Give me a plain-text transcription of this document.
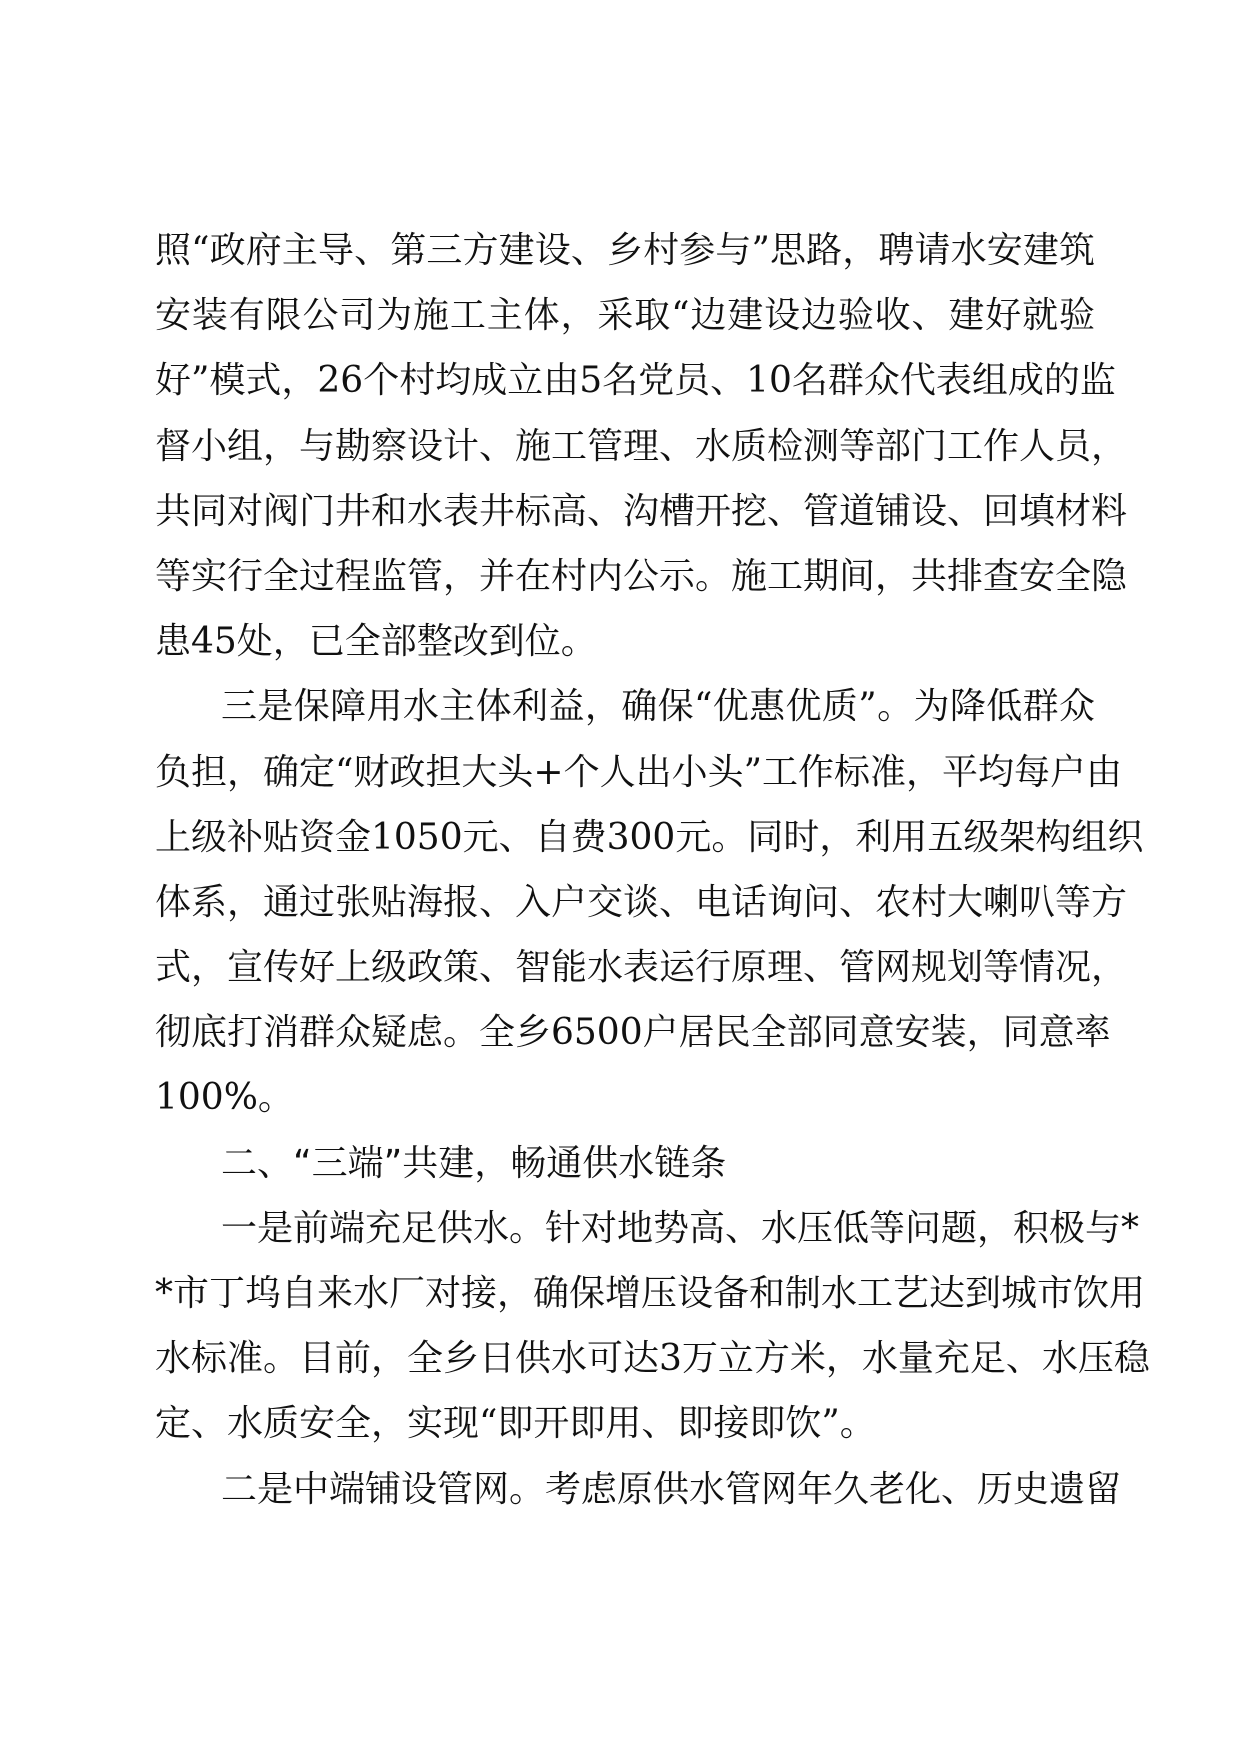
照“政府主导、第三方建设、乡村参与”思路，聘请水安建筑
安装有限公司为施工主体，采取“边建设边验收、建好就验
好”模式，26个村均成立由5名党员、10名群众代表组成的监
督小组，与勘察设计、施工管理、水质检测等部门工作人员，
共同对阀门井和水表井标高、沟槽开挖、管道铺设、回填材料
等实行全过程监管，并在村内公示。施工期间，共排查安全隐
患45处，已全部整改到位。
三是保障用水主体利益，确保“优惠优质”。为降低群众
负担，确定“财政担大头+个人出小头”工作标准，平均每户由
上级补贴资金1050元、自费300元。同时，利用五级架构组织
体系，通过张贴海报、入户交谈、电话询问、农村大喇叭等方
式，宣传好上级政策、智能水表运行原理、管网规划等情况，
彻底打消群众疑虑。全乡6500户居民全部同意安装，同意率
100%。
二、“三端”共建，畅通供水链条
一是前端充足供水。针对地势高、水压低等问题，积极与*
*市丁坞自来水厂对接，确保增压设备和制水工艺达到城市饮用
水标准。目前，全乡日供水可达3万立方米，水量充足、水压稳
定、水质安全，实现“即开即用、即接即饮”。
二是中端铺设管网。考虑原供水管网年久老化、历史遗留
